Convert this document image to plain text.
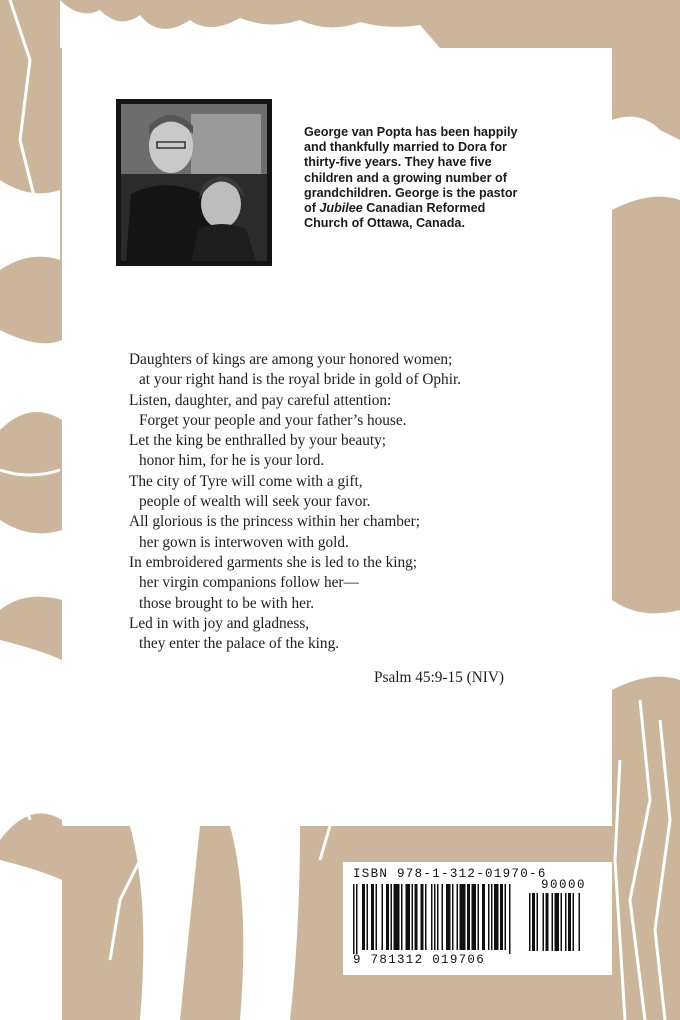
George van Popta has been happily
and thankfully married to Dora for
thirty-five years. They have five
children and a growing number of
grandchildren. George is the pastor
of Jubilee Canadian Reformed
Church of Ottawa, Canada.
Daughters of kings are among your honored women;
at your right hand is the royal bride in gold of Ophir.
Listen, daughter, and pay careful attention:
Forget your people and your father’s house.
Let the king be enthralled by your beauty;
honor him, for he is your lord.
The city of Tyre will come with a gift,
people of wealth will seek your favor.
All glorious is the princess within her chamber;
her gown is interwoven with gold.
In embroidered garments she is led to the king;
her virgin companions follow her—
those brought to be with her.
Led in with joy and gladness,
they enter the palace of the king.
Psalm 45:9-15 (NIV)
ISBN 978-1-312-01970-6
90000
9 781312 019706
